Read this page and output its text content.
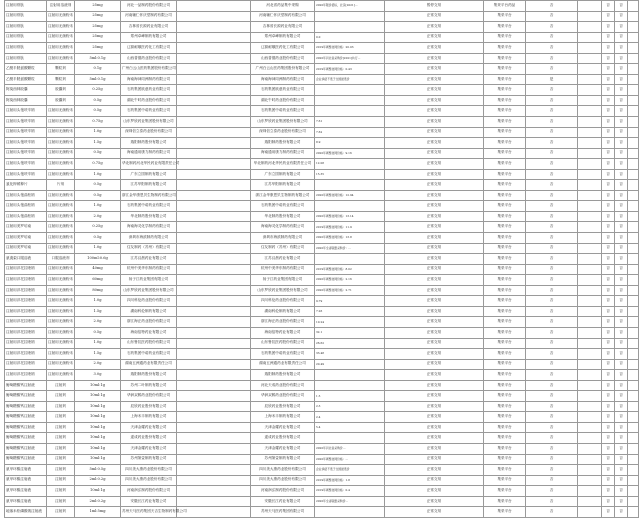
注射用骨肽	注射用溶液剂	25mg	河北一品制药股份有限公司		河北省药品集中采购	2020年限价招标，北京[2021]…	暂停交易	集采平台药品	否		否	否	
注射用骨肽	注射用无菌粉末	25mg	河南辅仁怀庆堂制药有限公司		河南辅仁怀庆堂制药有限公司		正常交易	集采平台	否		否	否	
注射用骨肽	注射用无菌粉末	25mg	吉林省长源药业有限公司		吉林省长源药业有限公司		正常交易	集采平台	否		否	否	
注射用骨肽	注射用无菌粉末	25mg	郑州卓峰制药有限公司		郑州卓峰制药有限公司	0.0	正常交易	集采平台	否		否	否	
注射用骨肽	注射用无菌粉末	25mg	辽源耐顺医药化工有限公司		辽源耐顺医药化工有限公司	2019年调整挂网价格：20.03	正常交易	集采平台	否		否	否	
注射用骨肽	注射用无菌粉末	5ml:0.1g	山西普德药业股份有限公司		山西普德药业股份有限公司	2020年河北省采购价[2021]执行…	正常交易	集采平台	否		否	否	
乙酰半胱氨酸颗粒	颗粒剂	0.1g	广州白云山医药集团股份有限公司		广州白云山医药集团股份有限公司	2019年调整挂网价格：0.43	正常交易	集采平台	否		否	否	
乙酰半胱氨酸颗粒	颗粒剂	5ml:0.1g	海南海神同洲制药有限公司		海南海神同洲制药有限公司	企业承诺不低于全国最低价	正常交易	集采平台	是		否	否	
阿莫西林胶囊	胶囊剂	0.25g	石药集团欧意药业有限公司		石药集团欧意药业有限公司		正常交易	集采平台	否		否	否	
阿莫西林胶囊	胶囊剂	0.5g	湖北午时药业股份有限公司		湖北午时药业股份有限公司		正常交易	集采平台	否		否	否	
注射用头孢呋辛钠	注射用无菌粉末	0.5g	石药集团中诺药业有限公司		石药集团中诺药业有限公司		正常交易	集采平台	否		否	否	
注射用头孢呋辛钠	注射用无菌粉末	0.75g	山东罗欣药业集团股份有限公司		山东罗欣药业集团股份有限公司	7.61	正常交易	集采平台	否		否	否	
注射用头孢呋辛钠	注射用无菌粉末	1.0g	深圳信立泰药业股份有限公司		深圳信立泰药业股份有限公司	7.62	正常交易	集采平台	否		否	否	
注射用头孢呋辛钠	注射用无菌粉末	1.5g	瑞阳制药股份有限公司		瑞阳制药股份有限公司	8.9	正常交易	集采平台	否		否	否	
注射用头孢呋辛钠	注射用无菌粉末	0.5g	海南通用康力制药有限公司		海南通用康力制药有限公司	2020年调整挂网价格：9.16	正常交易	集采平台	否		否	否	
注射用头孢呋辛钠	注射用无菌粉末	0.75g	华北制药河北华民药业有限责任公司		华北制药河北华民药业有限责任公司	12.08	正常交易	集采平台	否		否	否	
注射用头孢呋辛钠	注射用无菌粉末	1.0g	广东立国制药有限公司		广东立国制药有限公司	15.35	正常交易	集采平台	否		否	否	
氯化钾缓释片	片剂	0.5g	江苏华阳制药有限公司		江苏华阳制药有限公司		正常交易	集采平台	否		否	否	
注射用头孢曲松钠	注射用无菌粉末	0.5g	浙江金华康恩贝生物制药有限公司		浙江金华康恩贝生物制药有限公司	2020年调整挂网价格：12.94	正常交易	集采平台	否		否	否	
注射用头孢曲松钠	注射用无菌粉末	1.0g	石药集团中诺药业有限公司		石药集团中诺药业有限公司		正常交易	集采平台	否		否	否	
注射用头孢曲松钠	注射用无菌粉末	2.0g	华北制药股份有限公司		华北制药股份有限公司	2020年调整挂网价格：13.14	正常交易	集采平台	否		否	否	
注射用美罗培南	注射用无菌粉末	0.25g	海南海灵化学制药有限公司		海南海灵化学制药有限公司	2019年调整挂网价格：11.9	正常交易	集采平台	否		否	否	
注射用美罗培南	注射用无菌粉末	0.5g	深圳市海滨制药有限公司		深圳市海滨制药有限公司	2020年调整挂网价格：13.8	正常交易	集采平台	否		否	否	
注射用美罗培南	注射用无菌粉末	1.0g	住友制药（苏州）有限公司		住友制药（苏州）有限公司	2020年全省联盟采购价：…	正常交易	集采平台	否		否	否	
氨溴索口服溶液	口服溶液剂	100ml:0.6g	江苏汉晨药业有限公司		江苏汉晨药业有限公司		正常交易	集采平台	否		否	否	
注射用泮托拉唑钠	注射用无菌粉末	40mg	杭州中美华东制药有限公司		杭州中美华东制药有限公司	2019年调整挂网价格：8.02	正常交易	集采平台	否		否	否	
注射用泮托拉唑钠	注射用无菌粉末	60mg	扬子江药业集团有限公司		扬子江药业集团有限公司	2020年调整挂网价格：2.16	正常交易	集采平台	否		否	否	
注射用泮托拉唑钠	注射用无菌粉末	80mg	山东罗欣药业集团股份有限公司		山东罗欣药业集团股份有限公司	2020年调整挂网价格：2.71	正常交易	集采平台	否		否	否	
注射用泮托拉唑钠	注射用无菌粉末	1.0g	四川科伦药业股份有限公司		四川科伦药业股份有限公司	9.79	正常交易	集采平台	否		否	否	
注射用泮托拉唑钠	注射用无菌粉末	1.5g	湖南科伦制药有限公司		湖南科伦制药有限公司	7.26	正常交易	集采平台	否		否	否	
注射用泮托拉唑钠	注射用无菌粉末	2.0g	浙江海正药业股份有限公司		浙江海正药业股份有限公司	10.24	正常交易	集采平台	否		否	否	
注射用泮托拉唑钠	注射用无菌粉末	0.5g	海南倍特药业有限公司		海南倍特药业有限公司	32.1	正常交易	集采平台	否		否	否	
注射用泮托拉唑钠	注射用无菌粉末	1.0g	山东鲁抗医药股份有限公司		山东鲁抗医药股份有限公司	26.62	正常交易	集采平台	否		否	否	
注射用泮托拉唑钠	注射用无菌粉末	1.5g	石药集团中诺药业有限公司		石药集团中诺药业有限公司	33.48	正常交易	集采平台	否		否	否	
注射用泮托拉唑钠	注射用无菌粉末	2.0g	湖南五洲通药业有限责任公司		湖南五洲通药业有限责任公司	20.49	正常交易	集采平台	否		否	否	
注射用泮托拉唑钠	注射用无菌粉末	3.0g	瑞阳制药股份有限公司		瑞阳制药股份有限公司		正常交易	集采平台	否		否	否	
葡萄糖酸钙注射液	注射剂	10ml:1g	苏州二叶制药有限公司		河北天成药业股份有限公司		正常交易	集采平台	否		否	否	
葡萄糖酸钙注射液	注射剂	10ml:1g	华润双鹤药业股份有限公司		华润双鹤药业股份有限公司	1.5	正常交易	集采平台	否		否	否	
葡萄糖酸钙注射液	注射剂	10ml:1g	辰欣药业股份有限公司		辰欣药业股份有限公司	2.3	正常交易	集采平台	否		否	否	
葡萄糖酸钙注射液	注射剂	10ml:1g	上海禾丰制药有限公司		上海禾丰制药有限公司	2.4	正常交易	集采平台	否		否	否	
葡萄糖酸钙注射液	注射剂	10ml:1g	天津金耀药业有限公司		天津金耀药业有限公司	5.4	正常交易	集采平台	否		否	否	
葡萄糖酸钙注射液	注射剂	10ml:1g	遂成药业股份有限公司		遂成药业股份有限公司		正常交易	集采平台	否		否	否	
葡萄糖酸钙注射液	注射剂	10ml:1g	天津金耀药业有限公司		天津金耀药业有限公司	2020年河北省采购价…	正常交易	集采平台	否		否	否	
葡萄糖酸钙注射液	注射剂	10ml:1g	苏州第壹制药有限公司		苏州第壹制药有限公司	2020年调整挂网价格：…	正常交易	集采平台	否		否	否	
氨甲环酸注射液	注射剂	5ml:0.5g	四川美大康药业股份有限公司		四川美大康药业股份有限公司	企业承诺不低于全国最低价	正常交易	集采平台	否		否	否	
氨甲环酸注射液	注射剂	2ml:0.2g	四川美大康药业股份有限公司		四川美大康药业股份有限公司	2019年调整挂网价格：1.8	正常交易	集采平台	否		否	否	
氨甲环酸注射液	注射剂	10ml:1g	河南润弘制药股份有限公司		河南润弘制药股份有限公司	2019年调整挂网价格：0.4	正常交易	集采平台	否		否	否	
氨甲环酸注射液	注射剂	2ml:0.2g	安徽长江药业有限公司		安徽长江药业有限公司	2020年全省联盟采购价…	正常交易	集采平台	否		否	否	
地塞米松磷酸钠注射液	注射剂	1ml:5mg	苏州天马医药集团天吉生物制药有限公司		苏州天马医药集团有限公司		正常交易	集采平台	否		否	否	
